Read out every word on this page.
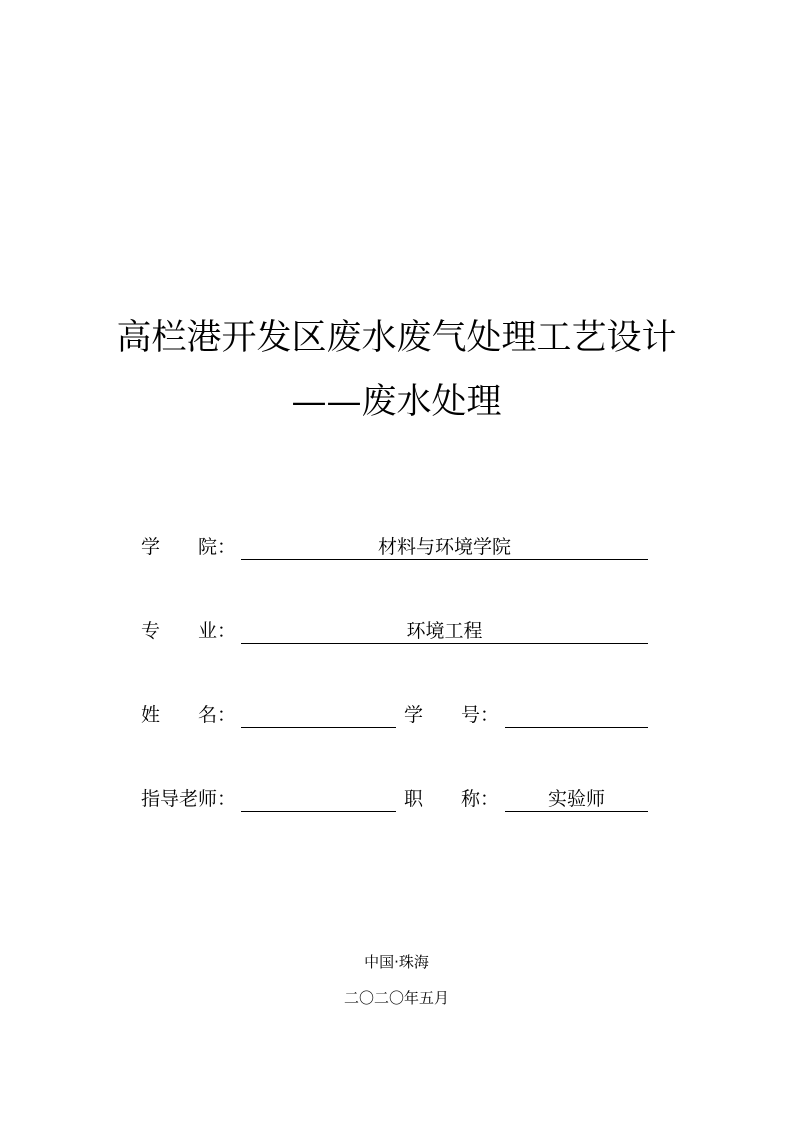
高栏港开发区废水废气处理工艺设计
——废水处理
学　　院：	材料与环境学院
专　　业：	环境工程
姓　　名：	学　　号：
指导老师：	职　　称：	实验师
中国·珠海
二〇二〇年五月
